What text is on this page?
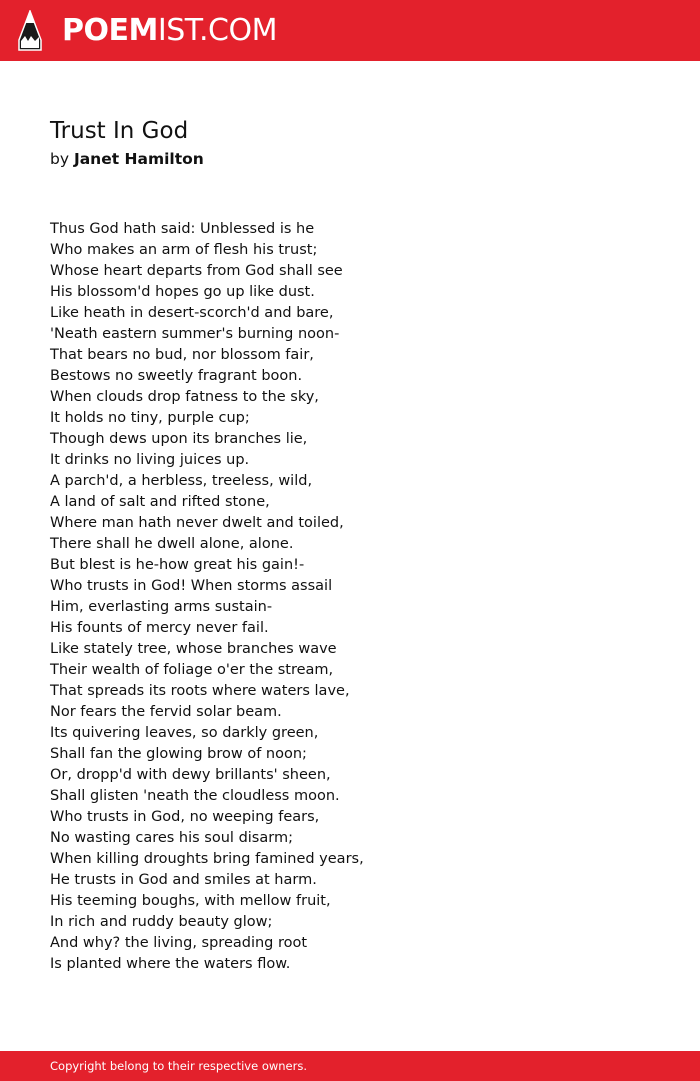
POEMIST.COM
Trust In God
by Janet Hamilton
Thus God hath said: Unblessed is he
Who makes an arm of flesh his trust;
Whose heart departs from God shall see
His blossom'd hopes go up like dust.
Like heath in desert-scorch'd and bare,
'Neath eastern summer's burning noon-
That bears no bud, nor blossom fair,
Bestows no sweetly fragrant boon.
When clouds drop fatness to the sky,
It holds no tiny, purple cup;
Though dews upon its branches lie,
It drinks no living juices up.
A parch'd, a herbless, treeless, wild,
A land of salt and rifted stone,
Where man hath never dwelt and toiled,
There shall he dwell alone, alone.
But blest is he-how great his gain!-
Who trusts in God! When storms assail
Him, everlasting arms sustain-
His founts of mercy never fail.
Like stately tree, whose branches wave
Their wealth of foliage o'er the stream,
That spreads its roots where waters lave,
Nor fears the fervid solar beam.
Its quivering leaves, so darkly green,
Shall fan the glowing brow of noon;
Or, dropp'd with dewy brillants' sheen,
Shall glisten 'neath the cloudless moon.
Who trusts in God, no weeping fears,
No wasting cares his soul disarm;
When killing droughts bring famined years,
He trusts in God and smiles at harm.
His teeming boughs, with mellow fruit,
In rich and ruddy beauty glow;
And why? the living, spreading root
Is planted where the waters flow.
Copyright belong to their respective owners.
